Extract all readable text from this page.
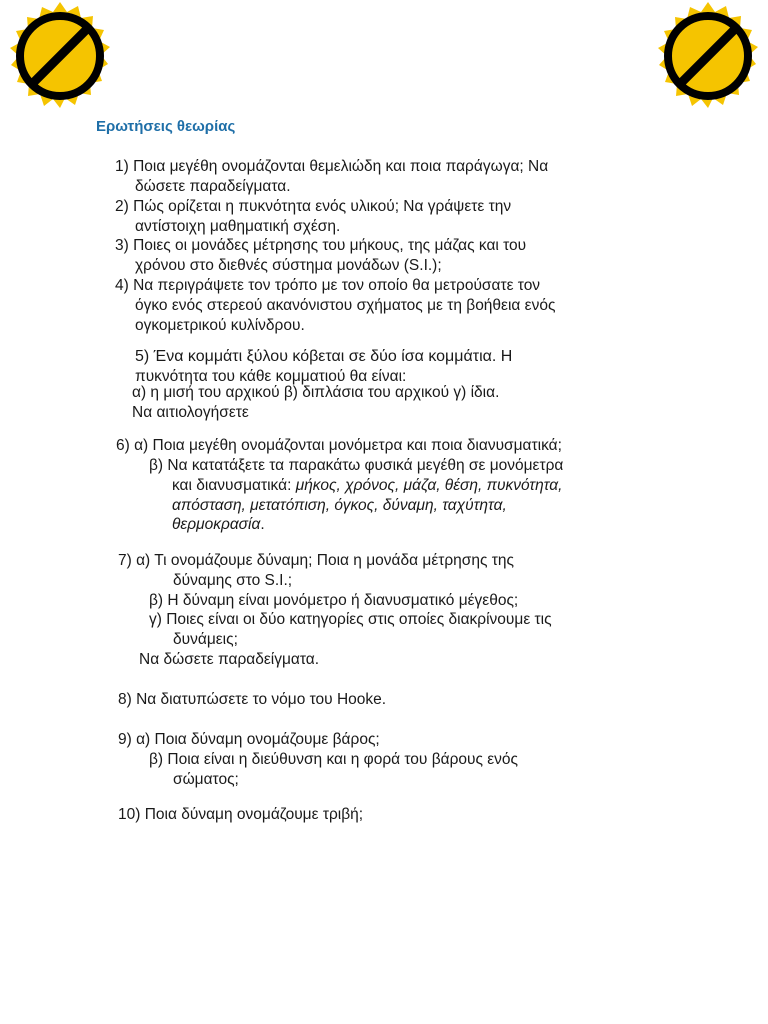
Ερωτήσεις θεωρίας
1) Ποια μεγέθη ονομάζονται θεμελιώδη και ποια παράγωγα; Να
δώσετε παραδείγματα.
2) Πώς ορίζεται η πυκνότητα ενός υλικού; Να γράψετε την
αντίστοιχη μαθηματική σχέση.
3) Ποιες οι μονάδες μέτρησης του μήκους, της μάζας και του
χρόνου στο διεθνές σύστημα μονάδων (S.I.);
4) Να περιγράψετε τον τρόπο με τον οποίο θα μετρούσατε τον
όγκο ενός στερεού ακανόνιστου σχήματος με τη βοήθεια ενός
ογκομετρικού κυλίνδρου.
5) Ένα κομμάτι ξύλου κόβεται σε δύο ίσα κομμάτια. Η
πυκνότητα του κάθε κομματιού θα είναι:
α) η μισή του αρχικού β) διπλάσια του αρχικού γ) ίδια.
Να αιτιολογήσετε
6) α) Ποια μεγέθη ονομάζονται μονόμετρα και ποια διανυσματικά;
β) Να κατατάξετε τα παρακάτω φυσικά μεγέθη σε μονόμετρα
και διανυσματικά: μήκος, χρόνος, μάζα, θέση, πυκνότητα,
απόσταση, μετατόπιση, όγκος, δύναμη, ταχύτητα,
θερμοκρασία.
7) α) Τι ονομάζουμε δύναμη; Ποια η μονάδα μέτρησης της
δύναμης στο S.I.;
β) Η δύναμη είναι μονόμετρο ή διανυσματικό μέγεθος;
γ) Ποιες είναι οι δύο κατηγορίες στις οποίες διακρίνουμε τις
δυνάμεις;
Να δώσετε παραδείγματα.
8) Να διατυπώσετε το νόμο του Hooke.
9) α) Ποια δύναμη ονομάζουμε βάρος;
β) Ποια είναι η διεύθυνση και η φορά του βάρους ενός
σώματος;
10) Ποια δύναμη ονομάζουμε τριβή;
